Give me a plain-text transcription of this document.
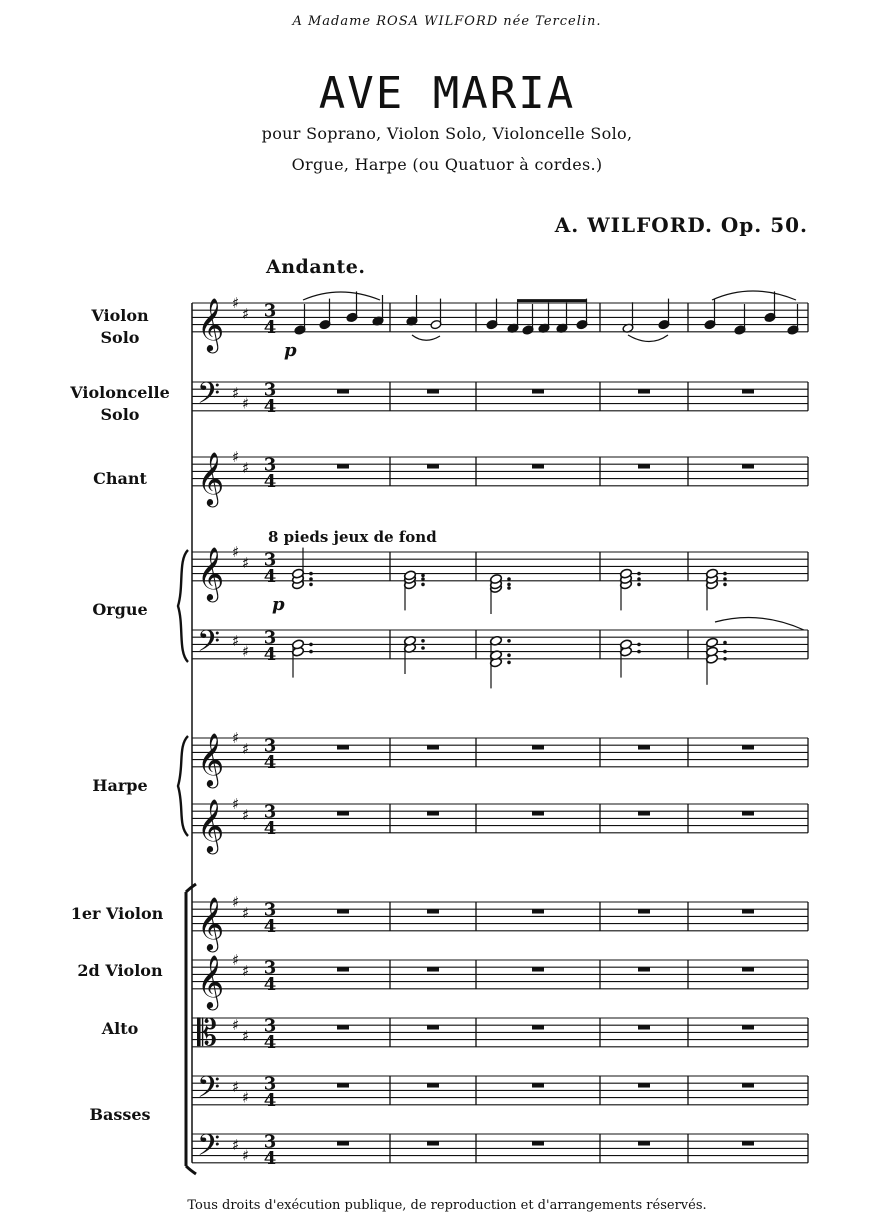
A Madame ROSA WILFORD née Tercelin.
AVE MARIA
pour Soprano, Violon Solo, Violoncelle Solo,
Orgue, Harpe (ou Quatuor à cordes.)
A. WILFORD. Op. 50.
Andante.
8 pieds jeux de fond
Violon
Solo
Violoncelle
Solo
Chant
Orgue
Harpe
1er Violon
2d Violon
Alto
Basses
Tous droits d'exécution publique, de reproduction et d'arrangements réservés.
𝄞 ♯
♯ 3
4
𝄢 ♯
♯
3
4
𝄞 ♯
♯ 3
4
𝄞 ♯
♯ 3
4
𝄢 ♯
♯
3
4
𝄞 ♯
♯ 3
4
𝄞 ♯
♯ 3
4
𝄞 ♯
♯ 3
4
𝄞 ♯
♯ 3
4
𝄡 ♯
♯ 3
4
𝄢 ♯
♯
3
4
𝄢 ♯
♯
3
4
p
p
